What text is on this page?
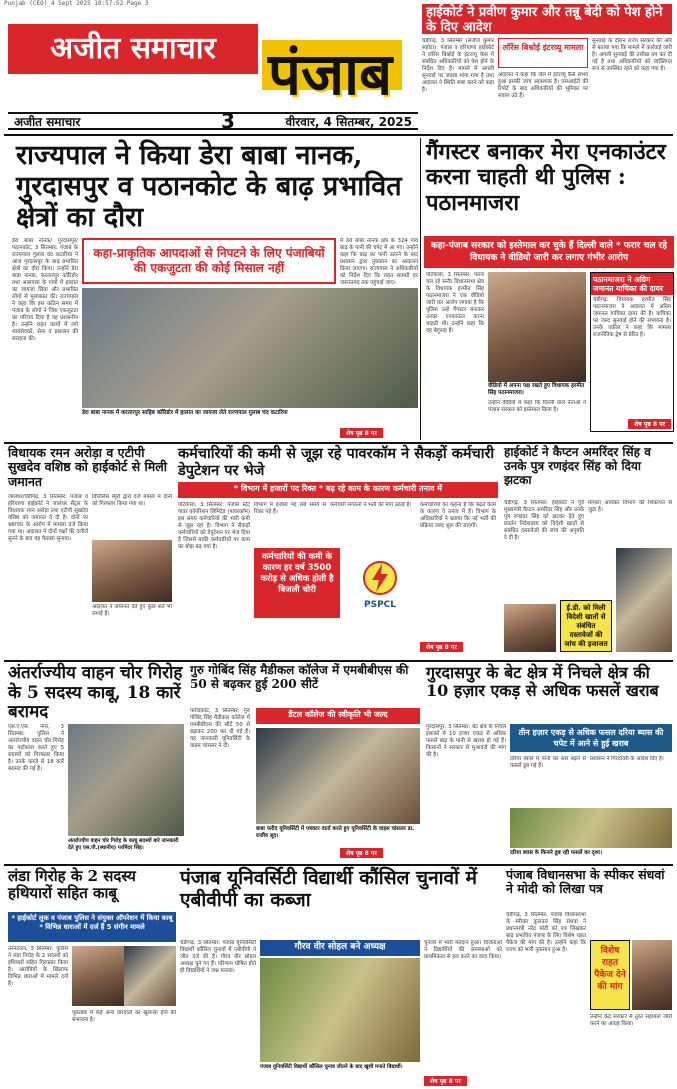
Punjab (CEO) 4 Sept 2025 10:57:52 Page 3
अजीत समाचार पंजाब
अजीत समाचार	3	वीरवार, 4 सितम्बर, 2025
हाईकोर्ट ने प्रवीण कुमार और तन्नू बेदी को पेश होने के दिए आदेश
चंडीगढ़, 3 सितम्बर (संजीव कुमार सहोटा): पंजाब व हरियाणा हाईकोर्ट ने लॉरेंस बिश्नोई के इंटरव्यू केस में संबंधित अधिकारियों को पेश होने के निर्देश दिए हैं। मामले में अगली सुनवाई पर जवाब मांगा गया है तथा अदालत ने स्थिति स्पष्ट करने को कहा है।
लॉरेंस बिश्नोई इंटरव्यू मामला
अदालत ने कहा कि जेल में इंटरव्यू कैसे संभव हुआ इसकी जांच आवश्यक है। एसआईटी की रिपोर्ट के बाद अधिकारियों की भूमिका पर सवाल उठे हैं।
सुनवाई के दौरान राज्य सरकार की ओर से बताया गया कि मामले में कार्रवाई जारी है। अगली सुनवाई की तारीख तय कर दी गई है तथा अधिकारियों को व्यक्तिगत रूप से उपस्थित रहने को कहा गया है।
राज्यपाल ने किया डेरा बाबा नानक, गुरदासपुर व पठानकोट के बाढ़ प्रभावित क्षेत्रों का दौरा
डेरा बाबा नानक/ गुरदासपुर/ पठानकोट, 3 सितम्बर: पंजाब के राज्यपाल गुलाब चंद कटारिया ने आज गुरदासपुर के बाढ़ प्रभावित क्षेत्रों का दौरा किया। उन्होंने डेरा बाबा नानक, करतारपुर कॉरिडोर तथा आसपास के गांवों में हालात का जायजा लिया और प्रभावित लोगों से मुलाकात की। राज्यपाल ने कहा कि इस कठिन समय में पंजाब के लोगों ने जिस एकजुटता का परिचय दिया है वह प्रशंसनीय है। उन्होंने राहत कार्यों में लगे स्वयंसेवकों, सेना व प्रशासन की सराहना की।
कहा-प्राकृतिक आपदाओं से निपटने के लिए पंजाबियों की एकजुटता की कोई मिसाल नहीं
में डेरा बाबा नानक क्षेत्र के 324 गांव बाढ़ के पानी की चपेट में आ गए। उन्होंने कहा कि बाढ़ का पानी उतरने के बाद प्रशासन द्वारा नुकसान का आकलन किया जाएगा। राज्यपाल ने अधिकारियों को निर्देश दिए कि राहत सामग्री हर जरूरतमंद तक पहुंचाई जाए।
डेरा बाबा नानक में करतारपुर साहिब कॉरिडोर में हालात का जायजा लेते राज्यपाल गुलाब चंद कटारिया
शेष पृष्ठ 8 पर
गैंगस्टर बनाकर मेरा एनकाउंटर करना चाहती थी पुलिस : पठानमाजरा
कहा-पंजाब सरकार को इस्तेमाल कर चुके हैं दिल्ली वाले * फरार चल रहे विधायक ने वीडियो जारी कर लगाए गंभीर आरोप
पटियाला, 3 सितम्बर: फरार चल रहे सनौर विधानसभा क्षेत्र के विधायक हरमीत सिंह पठानमाजरा ने एक वीडियो जारी कर आरोप लगाया है कि पुलिस उन्हें गैंगस्टर बनाकर उनका एनकाउंटर करना चाहती थी। उन्होंने कहा कि वह बेगुनाह हैं।
वीडियो में अपना पक्ष रखते हुए विधायक हरमीत सिंह पठानमाजरा।
उन्होंने वीडियो में कहा कि दिल्ली वाले नेताओं ने पंजाब सरकार को इस्तेमाल किया है।
पठानमाजरा ने अग्रिम जमानत याचिका की दायर
चंडीगढ़: विधायक हरमीत सिंह पठानमाजरा ने अदालत में अग्रिम जमानत याचिका दायर की है। याचिका पर जल्द सुनवाई होने की संभावना है। उनके वकील ने कहा कि मामला राजनीतिक द्वेष से प्रेरित है।
शेष पृष्ठ 8 पर
विधायक रमन अरोड़ा व एटीपी सुखदेव वशिष्ठ को हाईकोर्ट से मिली जमानत
जालंधर/चंडीगढ़, 3 सितम्बर: पंजाब व हरियाणा हाईकोर्ट ने जालंधर सैंट्रल के विधायक रमन अरोड़ा तथा एटीपी सुखदेव वशिष्ठ को जमानत दे दी है। दोनों पर भ्रष्टाचार के आरोप में मामला दर्ज किया गया था। अदालत ने दोनों पक्षों की दलीलें सुनने के बाद यह फैसला सुनाया।
विजिलेंस ब्यूरो द्वारा दर्ज मामले में दोनों को गिरफ्तार किया गया था।
अदालत ने जमानत देते हुए कुछ शर्तें भी लगाई हैं।
कर्मचारियों की कमी से जूझ रहे पावरकॉम ने सैकड़ों कर्मचारी डेपुटेशन पर भेजे
* विभाग में हजारों पद रिक्त * बढ़ रहे काम के कारण कर्मचारी तनाव में
पटियाला, 3 सितम्बर: पंजाब स्टेट पावर कॉर्पोरेशन लिमिटेड (पावरकॉम) इस समय कर्मचारियों की भारी कमी से जूझ रहा है। विभाग ने सैकड़ों कर्मचारियों को डेपुटेशन पर भेज दिया है जिससे बाकी कर्मचारियों पर काम का बोझ बढ़ गया है।
विभाग में हजारों पद लंबे समय से रिक्त पड़े हैं।
कर्मचारियों की कमी के कारण हर वर्ष 3500 करोड़ से अधिक होती है बिजली चोरी
PSPCL
कर्मचारी संगठनों ने भर्ती की मांग उठाई है।	कर्मचारियों का कहना है कि बढ़ते काम के कारण वे तनाव में हैं। विभाग के अधिकारियों ने बताया कि नई भर्ती की प्रक्रिया जल्द शुरू की जाएगी।
शेष पृष्ठ 8 पर
हाईकोर्ट ने कैप्टन अमरिंदर सिंह व उनके पुत्र रणइंदर सिंह को दिया झटका
चंडीगढ़, 3 सितम्बर: हाईकोर्ट ने पूर्व मुख्यमंत्री कैप्टन अमरिंदर सिंह और उनके पुत्र रणइंदर सिंह को झटका देते हुए प्रवर्तन निदेशालय को विदेशी खातों से संबंधित दस्तावेजों की जांच की अनुमति दे दी है।
मामला आयकर विभाग की शिकायत से जुड़ा है।
ई.डी. को मिली विदेशी खातों से संबंधित दस्तावेजों की जांच की इजाजत
अंतर्राज्यीय वाहन चोर गिरोह के 5 सदस्य काबू, 18 कारें बरामद
एस.ए.एस. नगर, 3 सितम्बर: पुलिस ने अंतर्राज्यीय वाहन चोर गिरोह का पर्दाफाश करते हुए 5 सदस्यों को गिरफ्तार किया है। उनके कब्जे से 18 कारें बरामद की गई हैं।
अंतर्राज्यीय वाहन चोर गिरोह के काबू सदस्यों बारे जानकारी देते हुए एस.पी.(स्थानीय) परमिंदर सिंह।
गुरु गोबिंद सिंह मैडीकल कॉलेज में एमबीबीएस की 50 से बढ़कर हुई 200 सीटें
फरीदकोट, 3 सितम्बर: गुरु गोबिंद सिंह मैडीकल कॉलेज में एमबीबीएस की सीटें 50 से बढ़ाकर 200 कर दी गई हैं। यह जानकारी यूनिवर्सिटी के वाइस चांसलर ने दी।
डैंटल कॉलेज की स्वीकृति भी जल्द
बाबा फरीद यूनिवर्सिटी में पत्रकार वार्ता करते हुए यूनिवर्सिटी के वाइस चांसलर डा. राजीव सूद।
शेष पृष्ठ 8 पर
गुरदासपुर के बेट क्षेत्र में निचले क्षेत्र की 10 हज़ार एकड़ से अधिक फसलें खराब
गुरदासपुर, 3 सितम्बर: बेट क्षेत्र के निचले इलाकों में 10 हजार एकड़ से अधिक फसलें बाढ़ के पानी से खराब हो गई हैं। किसानों ने सरकार से मुआवजे की मांग की है।
तीन हज़ार एकड़ से अधिक फसल दरिया ब्यास की चपेट में आने से हुई खराब
दरिया ब्यास में पानी का स्तर बढ़ने से फसलें डूब गई हैं।
प्रशासन ने गिरदावरी के आदेश दिए हैं।
दरिया ब्यास के किनारे डूब रही फसलें का दृश्य।
लंडा गिरोह के 2 सदस्य हथियारों सहित काबू
* हाईकोर्ट लुक व पंजाब पुलिस ने संयुक्त ऑपरेशन में किया काबू * विभिन्न धाराओं में दर्ज हैं 5 संगीन मामले
तरनतारन, 3 सितम्बर: पुलिस ने लंडा गिरोह के 2 सदस्यों को हथियारों सहित गिरफ्तार किया है। आरोपियों के खिलाफ विभिन्न धाराओं में मामले दर्ज हैं।
पूछताछ में कई अन्य वारदातों का खुलासा होने की संभावना है।
पंजाब यूनिवर्सिटी विद्यार्थी कौंसिल चुनावों में एबीवीपी का कब्जा
चंडीगढ़, 3 सितम्बर: पंजाब यूनिवर्सिटी विद्यार्थी कौंसिल चुनावों में एबीवीपी ने जीत दर्ज की है। गौरव वीर सोहल अध्यक्ष चुने गए हैं। परिणाम घोषित होते ही विद्यार्थियों ने जश्न मनाया।
गौरव वीर सोहल बने अध्यक्ष
पंजाब यूनिवर्सिटी विद्यार्थी कौंसिल चुनाव जीतने के बाद खुशी मनाते विद्यार्थी।
चुनावों में भारी मतदान हुआ। विजेताओं ने विद्यार्थियों की समस्याओं को प्राथमिकता से हल करने का वादा किया।
शेष पृष्ठ 8 पर
पंजाब विधानसभा के स्पीकर संधवां ने मोदी को लिखा पत्र
चंडीगढ़, 3 सितम्बर: पंजाब विधानसभा के स्पीकर कुलतार सिंह संधवां ने प्रधानमंत्री नरेंद्र मोदी को पत्र लिखकर बाढ़ प्रभावित पंजाब के लिए विशेष राहत पैकेज की मांग की है। उन्होंने कहा कि राज्य को भारी नुकसान हुआ है।	विशेष राहत पैकेज देने की मांग
उन्होंने केंद्र सरकार से तुरंत सहायता जारी करने का आग्रह किया।
